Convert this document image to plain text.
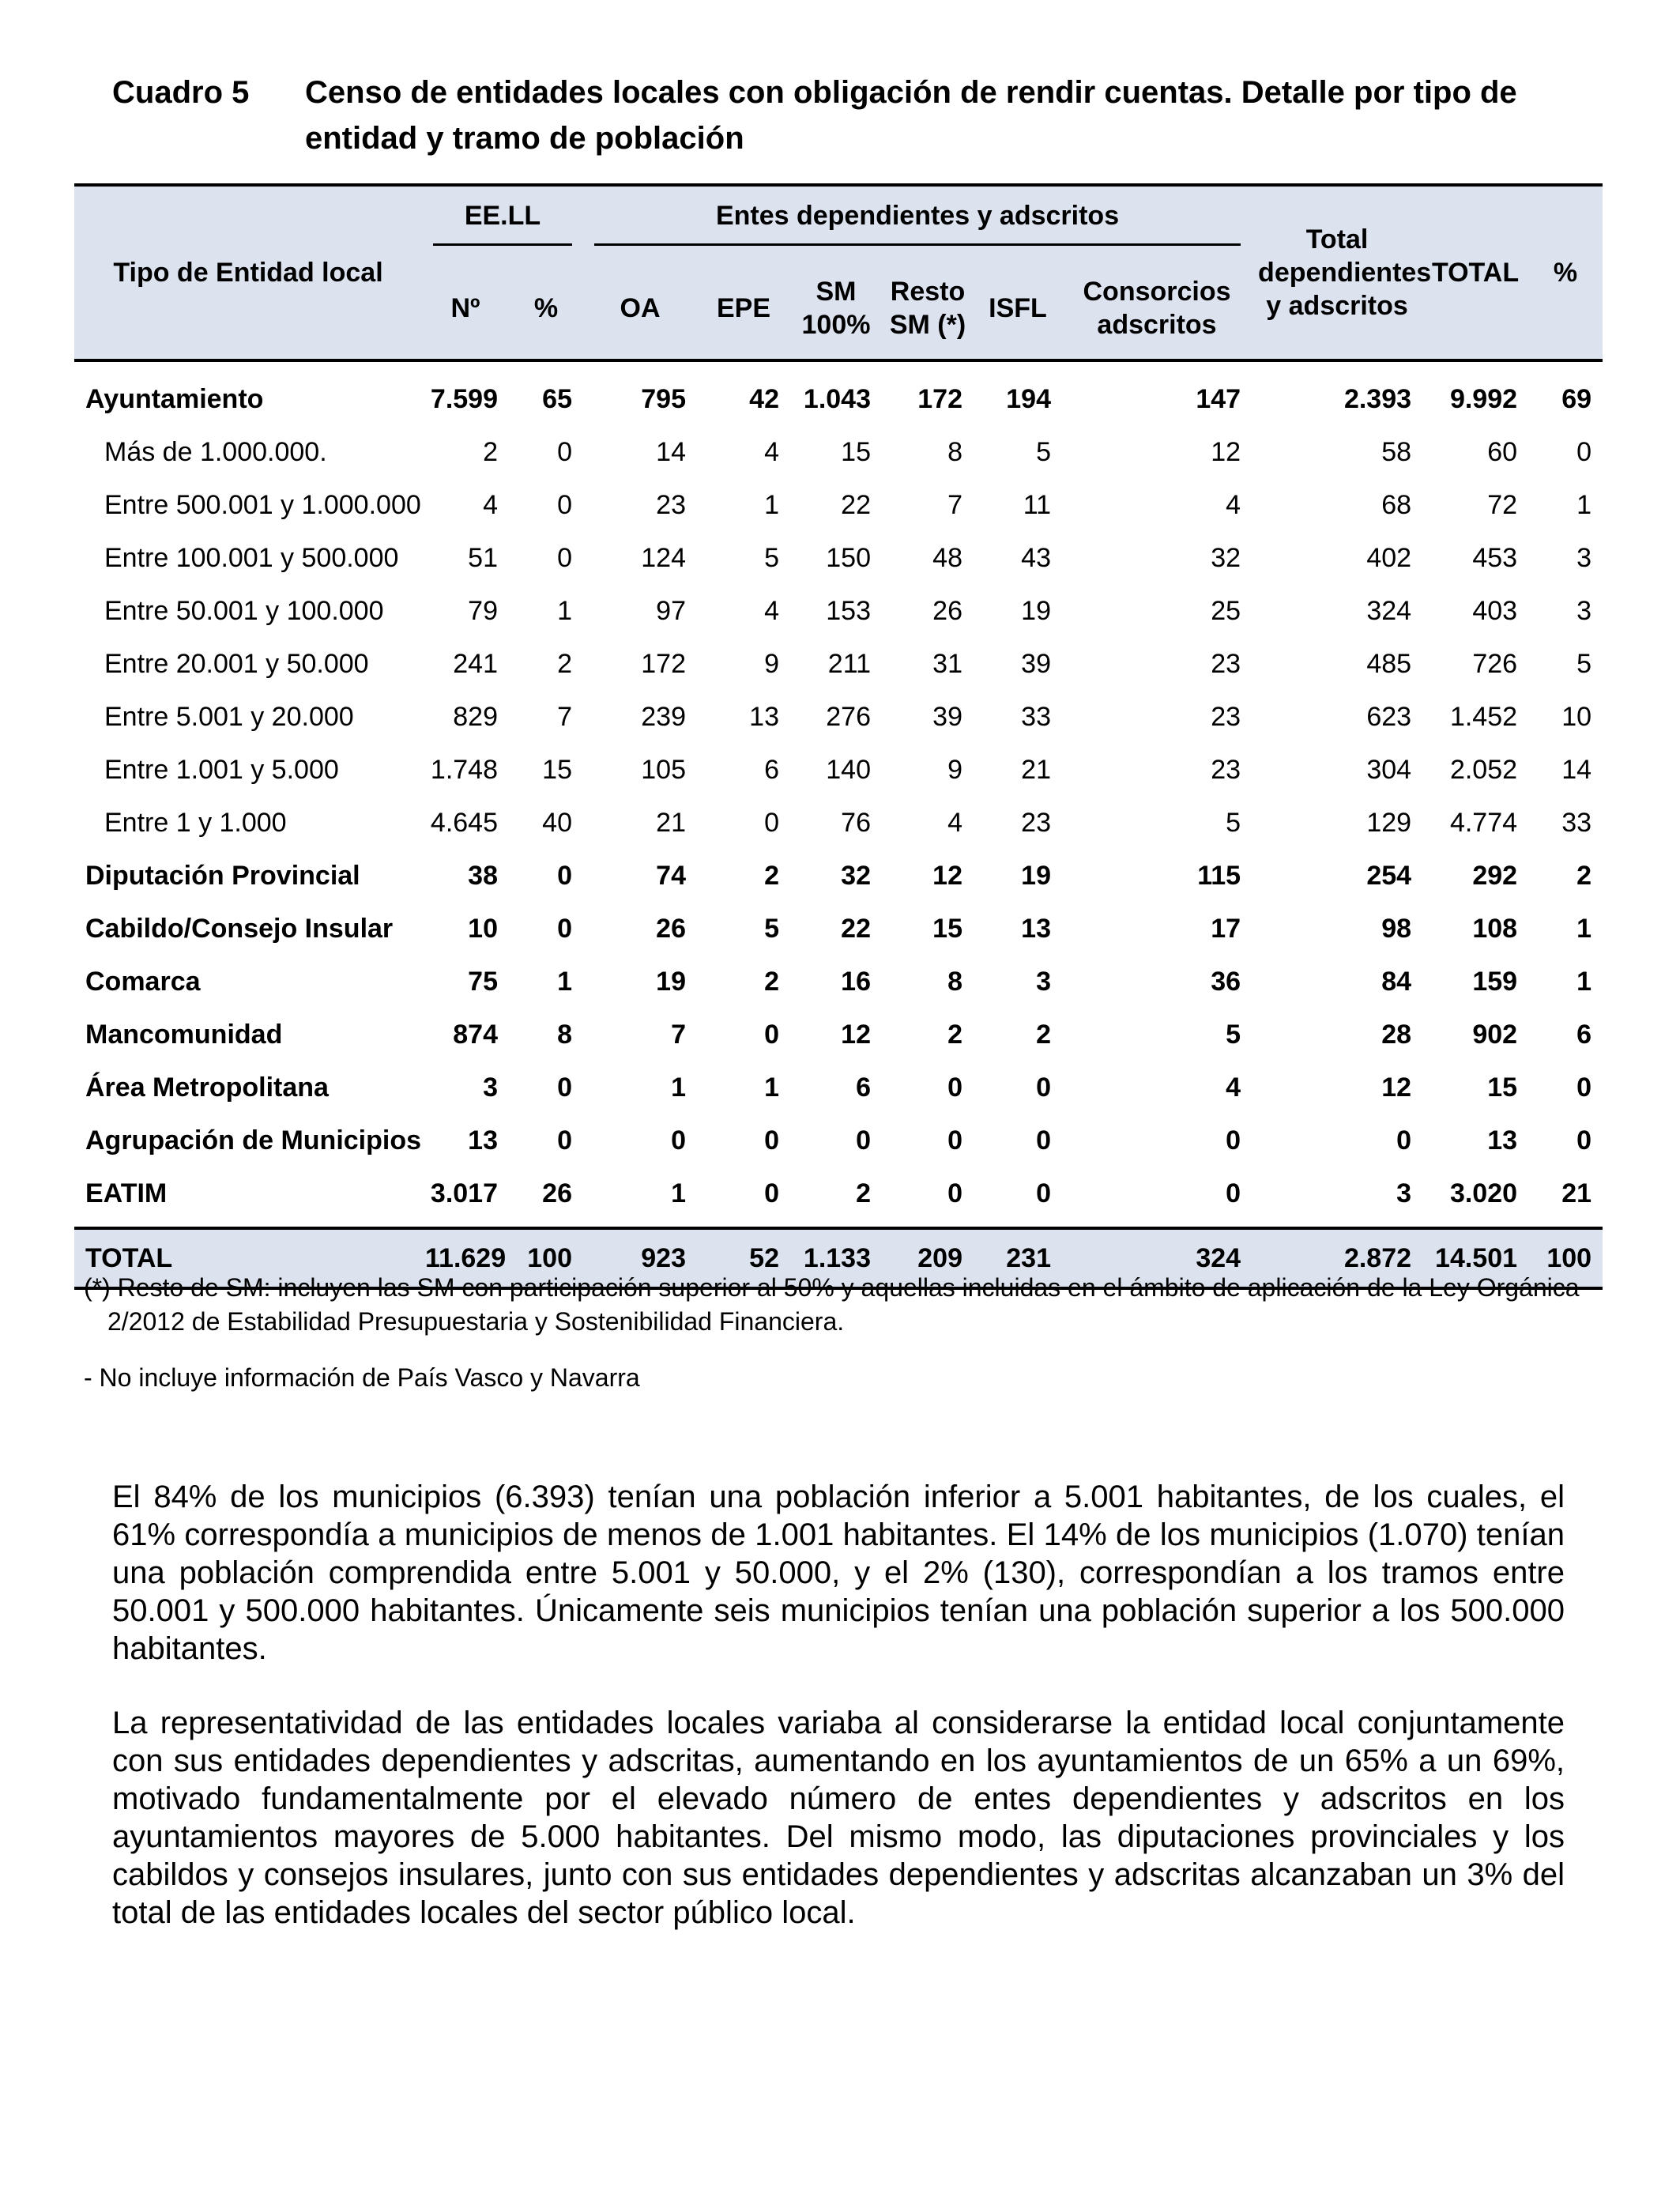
Cuadro 5 Censo de entidades locales con obligación de rendir cuentas. Detalle por tipo de entidad y tramo de población
Tipo de Entidad local	EE.LL		Entes dependientes y adscritos						Total dependientes y adscritos	TOTAL	%
	Nº	%	OA	EPE	SM 100%	Resto SM (*)	ISFL	Consorcios adscritos			
Ayuntamiento	7.599	65	795	42	1.043	172	194	147	2.393	9.992	69
Más de 1.000.000.	2	0	14	4	15	8	5	12	58	60	0
Entre 500.001 y 1.000.000	4	0	23	1	22	7	11	4	68	72	1
Entre 100.001 y 500.000	51	0	124	5	150	48	43	32	402	453	3
Entre 50.001 y 100.000	79	1	97	4	153	26	19	25	324	403	3
Entre 20.001 y 50.000	241	2	172	9	211	31	39	23	485	726	5
Entre 5.001 y 20.000	829	7	239	13	276	39	33	23	623	1.452	10
Entre 1.001 y 5.000	1.748	15	105	6	140	9	21	23	304	2.052	14
Entre 1 y 1.000	4.645	40	21	0	76	4	23	5	129	4.774	33
Diputación Provincial	38	0	74	2	32	12	19	115	254	292	2
Cabildo/Consejo Insular	10	0	26	5	22	15	13	17	98	108	1
Comarca	75	1	19	2	16	8	3	36	84	159	1
Mancomunidad	874	8	7	0	12	2	2	5	28	902	6
Área Metropolitana	3	0	1	1	6	0	0	4	12	15	0
Agrupación de Municipios	13	0	0	0	0	0	0	0	0	13	0
EATIM	3.017	26	1	0	2	0	0	0	3	3.020	21
TOTAL	11.629	100	923	52	1.133	209	231	324	2.872	14.501	100
(*) Resto de SM: incluyen las SM con participación superior al 50% y aquellas incluidas en el ámbito de aplicación de la Ley Orgánica
2/2012 de Estabilidad Presupuestaria y Sostenibilidad Financiera.
- No incluye información de País Vasco y Navarra

El 84% de los municipios (6.393) tenían una población inferior a 5.001 habitantes, de los cuales, el 61% correspondía a municipios de menos de 1.001 habitantes. El 14% de los municipios (1.070) tenían una población comprendida entre 5.001 y 50.000, y el 2% (130), correspondían a los tramos entre 50.001 y 500.000 habitantes. Únicamente seis municipios tenían una población superior a los 500.000 habitantes.

La representatividad de las entidades locales variaba al considerarse la entidad local conjuntamente con sus entidades dependientes y adscritas, aumentando en los ayuntamientos de un 65% a un 69%, motivado fundamentalmente por el elevado número de entes dependientes y adscritos en los ayuntamientos mayores de 5.000 habitantes. Del mismo modo, las diputaciones provinciales y los cabildos y consejos insulares, junto con sus entidades dependientes y adscritas alcanzaban un 3% del total de las entidades locales del sector público local.
